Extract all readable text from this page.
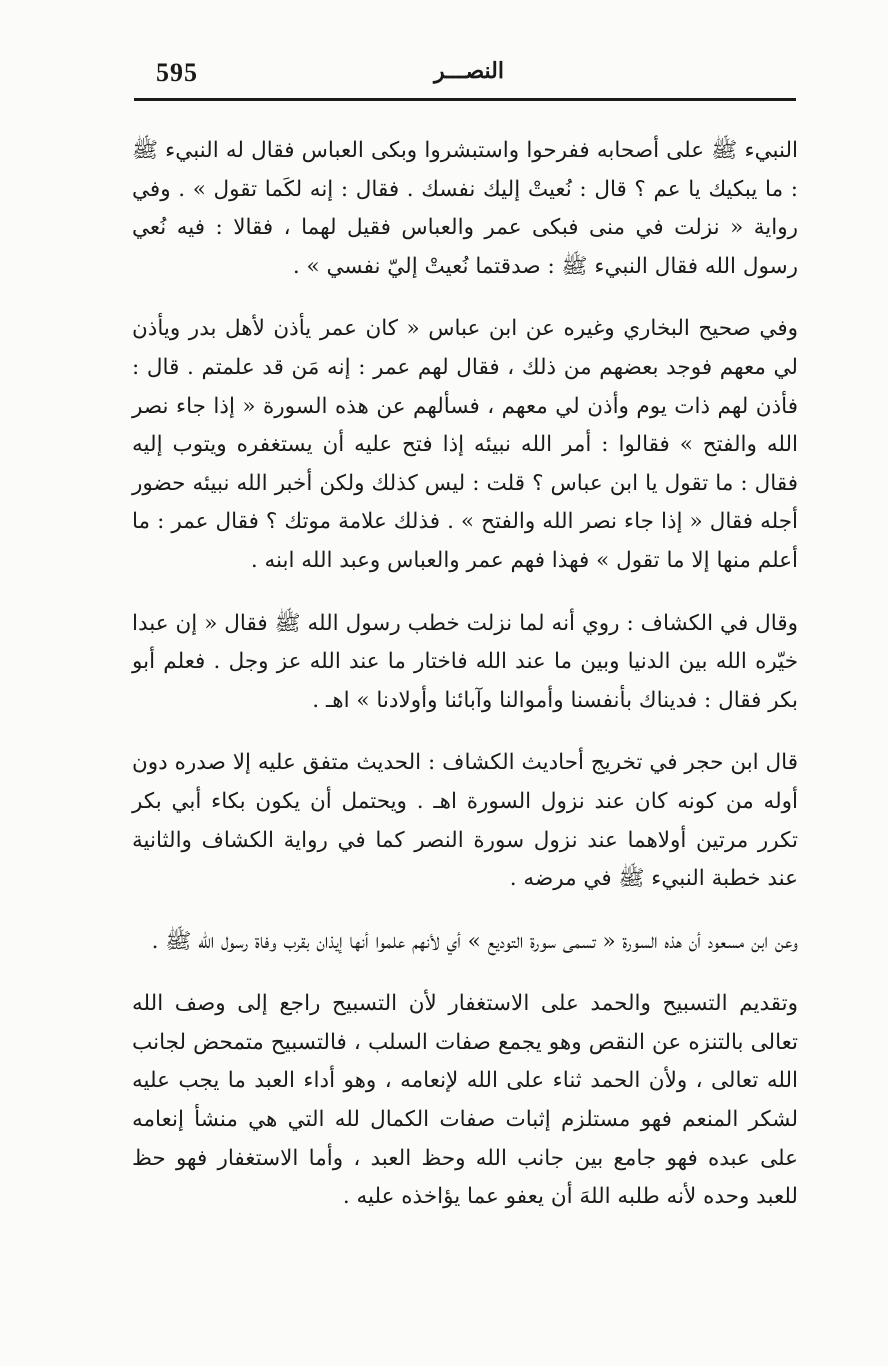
595	النصـــر

النبيء ﷺ على أصحابه ففرحوا واستبشروا وبكى العباس فقال له النبيء ﷺ : ما يبكيك يا عم ؟ قال : نُعيتْ إليك نفسك . فقال : إنه لكَما تقول » . وفي رواية « نزلت في منى فبكى عمر والعباس فقيل لهما ، فقالا : فيه نُعي رسول الله فقال النبيء ﷺ : صدقتما نُعيتْ إليّ نفسي » .

وفي صحيح البخاري وغيره عن ابن عباس « كان عمر يأذن لأهل بدر ويأذن لي معهم فوجد بعضهم من ذلك ، فقال لهم عمر : إنه مَن قد علمتم . قال : فأذن لهم ذات يوم وأذن لي معهم ، فسألهم عن هذه السورة « إذا جاء نصر الله والفتح » فقالوا : أمر الله نبيئه إذا فتح عليه أن يستغفره ويتوب إليه فقال : ما تقول يا ابن عباس ؟ قلت : ليس كذلك ولكن أخبر الله نبيئه حضور أجله فقال « إذا جاء نصر الله والفتح » . فذلك علامة موتك ؟ فقال عمر : ما أعلم منها إلا ما تقول » فهذا فهم عمر والعباس وعبد الله ابنه .

وقال في الكشاف : روي أنه لما نزلت خطب رسول الله ﷺ فقال « إن عبدا خيّره الله بين الدنيا وبين ما عند الله فاختار ما عند الله عز وجل . فعلم أبو بكر فقال : فديناك بأنفسنا وأموالنا وآبائنا وأولادنا » اهـ .

قال ابن حجر في تخريج أحاديث الكشاف : الحديث متفق عليه إلا صدره دون أوله من كونه كان عند نزول السورة اهـ . ويحتمل أن يكون بكاء أبي بكر تكرر مرتين أولاهما عند نزول سورة النصر كما في رواية الكشاف والثانية عند خطبة النبيء ﷺ في مرضه .

وعن ابن مسعود أن هذه السورة « تسمى سورة التوديع » أي لأنهم علموا أنها إيذان بقرب وفاة رسول الله ﷺ .

وتقديم التسبيح والحمد على الاستغفار لأن التسبيح راجع إلى وصف الله تعالى بالتنزه عن النقص وهو يجمع صفات السلب ، فالتسبيح متمحض لجانب الله تعالى ، ولأن الحمد ثناء على الله لإنعامه ، وهو أداء العبد ما يجب عليه لشكر المنعم فهو مستلزم إثبات صفات الكمال لله التي هي منشأ إنعامه على عبده فهو جامع بين جانب الله وحظ العبد ، وأما الاستغفار فهو حظ للعبد وحده لأنه طلبه اللهَ أن يعفو عما يؤاخذه عليه .
